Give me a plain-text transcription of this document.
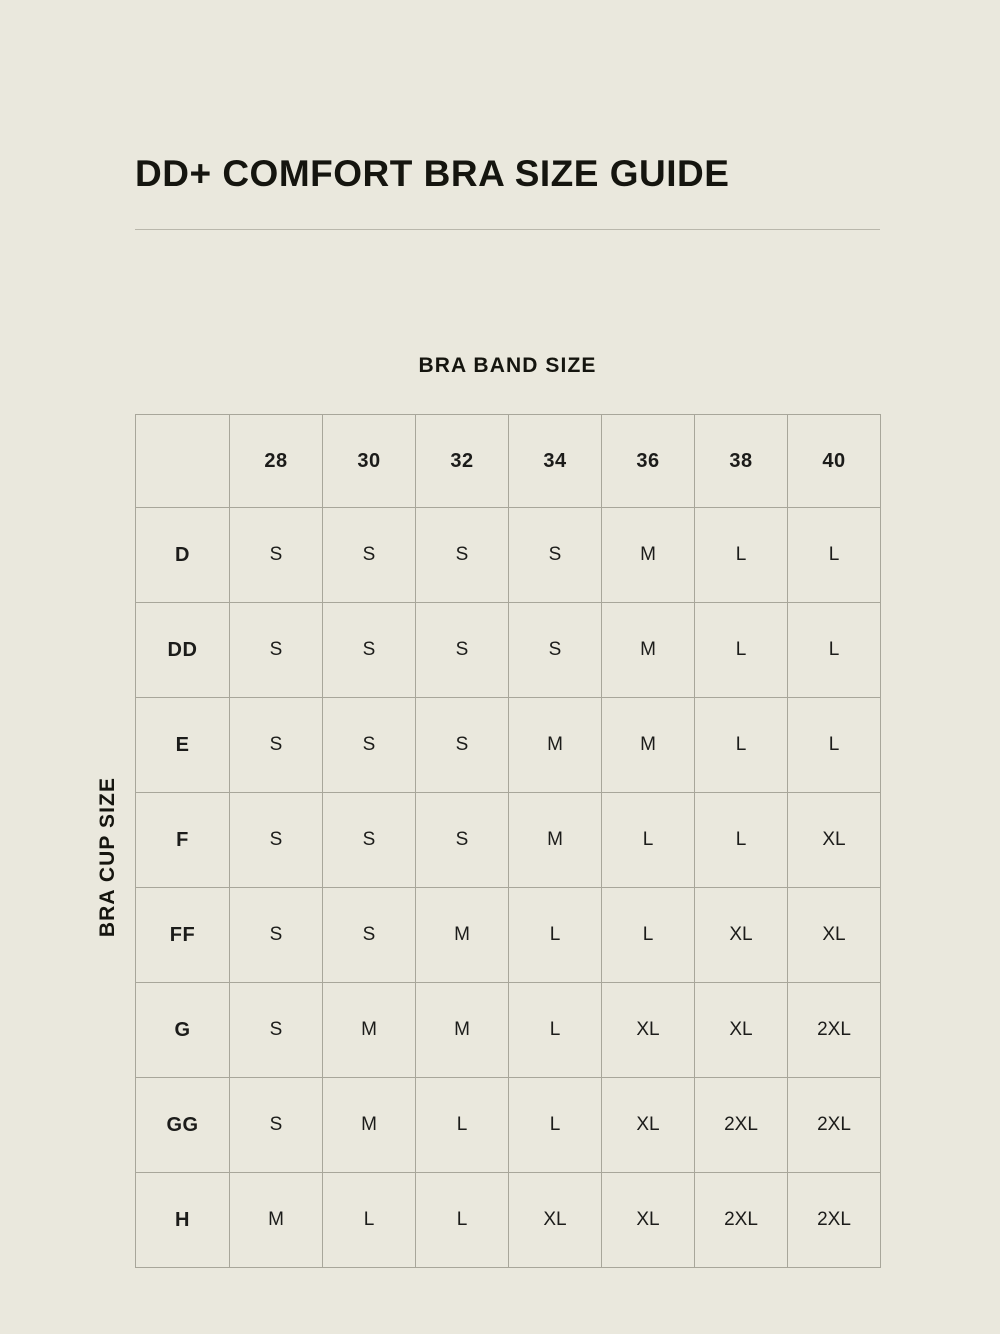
DD+ COMFORT BRA SIZE GUIDE
BRA BAND SIZE
BRA CUP SIZE
	28	30	32	34	36	38	40
D	S	S	S	S	M	L	L
DD	S	S	S	S	M	L	L
E	S	S	S	M	M	L	L
F	S	S	S	M	L	L	XL
FF	S	S	M	L	L	XL	XL
G	S	M	M	L	XL	XL	2XL
GG	S	M	L	L	XL	2XL	2XL
H	M	L	L	XL	XL	2XL	2XL
